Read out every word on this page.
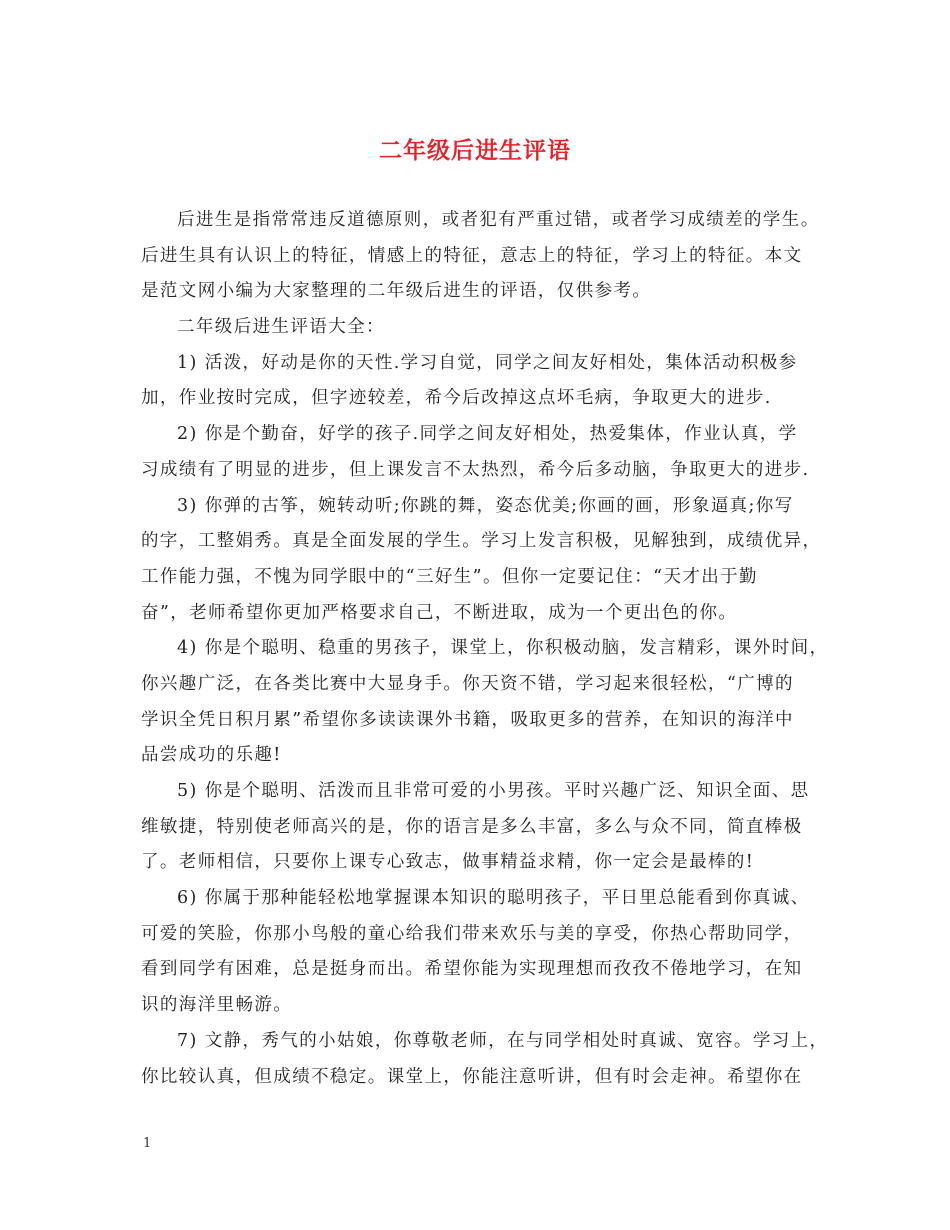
二年级后进生评语
后进生是指常常违反道德原则，或者犯有严重过错，或者学习成绩差的学生。
后进生具有认识上的特征，情感上的特征，意志上的特征，学习上的特征。本文
是范文网小编为大家整理的二年级后进生的评语，仅供参考。
二年级后进生评语大全：
1) 活泼，好动是你的天性.学习自觉，同学之间友好相处，集体活动积极参
加，作业按时完成，但字迹较差，希今后改掉这点坏毛病，争取更大的进步.
2) 你是个勤奋，好学的孩子.同学之间友好相处，热爱集体，作业认真，学
习成绩有了明显的进步，但上课发言不太热烈，希今后多动脑，争取更大的进步.
3) 你弹的古筝，婉转动听;你跳的舞，姿态优美;你画的画，形象逼真;你写
的字，工整娟秀。真是全面发展的学生。学习上发言积极，见解独到，成绩优异，
工作能力强，不愧为同学眼中的“三好生”。但你一定要记住：“天才出于勤
奋”，老师希望你更加严格要求自己，不断进取，成为一个更出色的你。
4) 你是个聪明、稳重的男孩子，课堂上，你积极动脑，发言精彩，课外时间，
你兴趣广泛，在各类比赛中大显身手。你天资不错，学习起来很轻松，“广博的
学识全凭日积月累”希望你多读读课外书籍，吸取更多的营养，在知识的海洋中
品尝成功的乐趣!
5) 你是个聪明、活泼而且非常可爱的小男孩。平时兴趣广泛、知识全面、思
维敏捷，特别使老师高兴的是，你的语言是多么丰富，多么与众不同，简直棒极
了。老师相信，只要你上课专心致志，做事精益求精，你一定会是最棒的!
6) 你属于那种能轻松地掌握课本知识的聪明孩子，平日里总能看到你真诚、
可爱的笑脸，你那小鸟般的童心给我们带来欢乐与美的享受，你热心帮助同学，
看到同学有困难，总是挺身而出。希望你能为实现理想而孜孜不倦地学习，在知
识的海洋里畅游。
7) 文静，秀气的小姑娘，你尊敬老师，在与同学相处时真诚、宽容。学习上，
你比较认真，但成绩不稳定。课堂上，你能注意听讲，但有时会走神。希望你在
1
